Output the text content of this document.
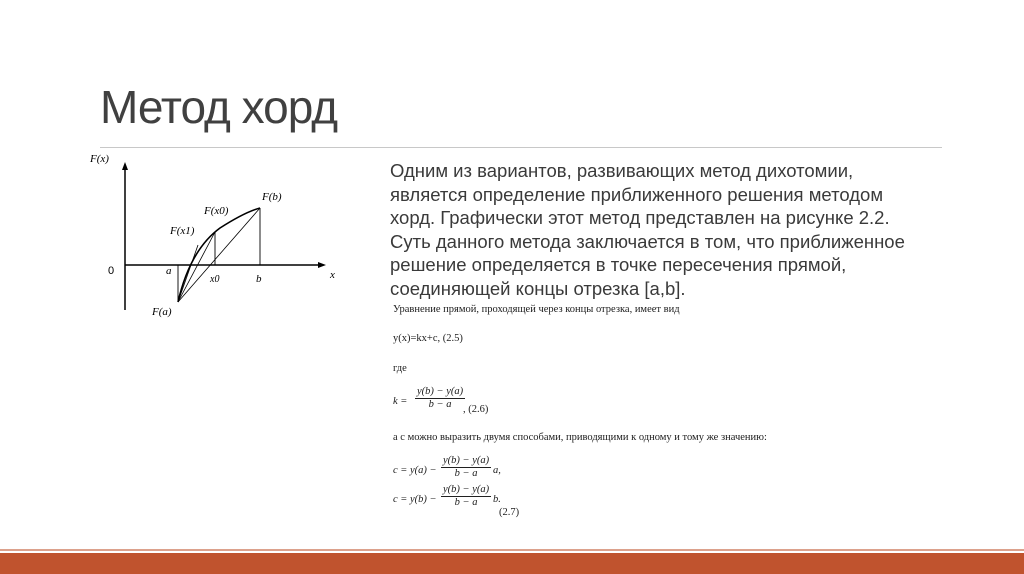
Метод хорд
F(x)
x
0	a
b
x0
F(a)
F(b)
F(x1)
F(x0)
Одним из вариантов, развивающих метод дихотомии,
является определение приближенного решения методом
хорд. Графически этот метод представлен на рисунке 2.2.
Суть данного метода заключается в том, что приближенное
решение определяется в точке пересечения прямой,
соединяющей концы отрезка [a,b].
Уравнение прямой, проходящей через концы отрезка, имеет вид
y(x)=kx+c, (2.5)
где
$k = \frac{y(b) - y(a)}{b - a}$
, (2.6)
а с можно выразить двумя способами, приводящими к одному и тому же значению:
$c = y(a) - \frac{y(b) - y(a)}{b - a} a$,
$c = y(b) - \frac{y(b) - y(a)}{b - a} b$.
(2.7)
